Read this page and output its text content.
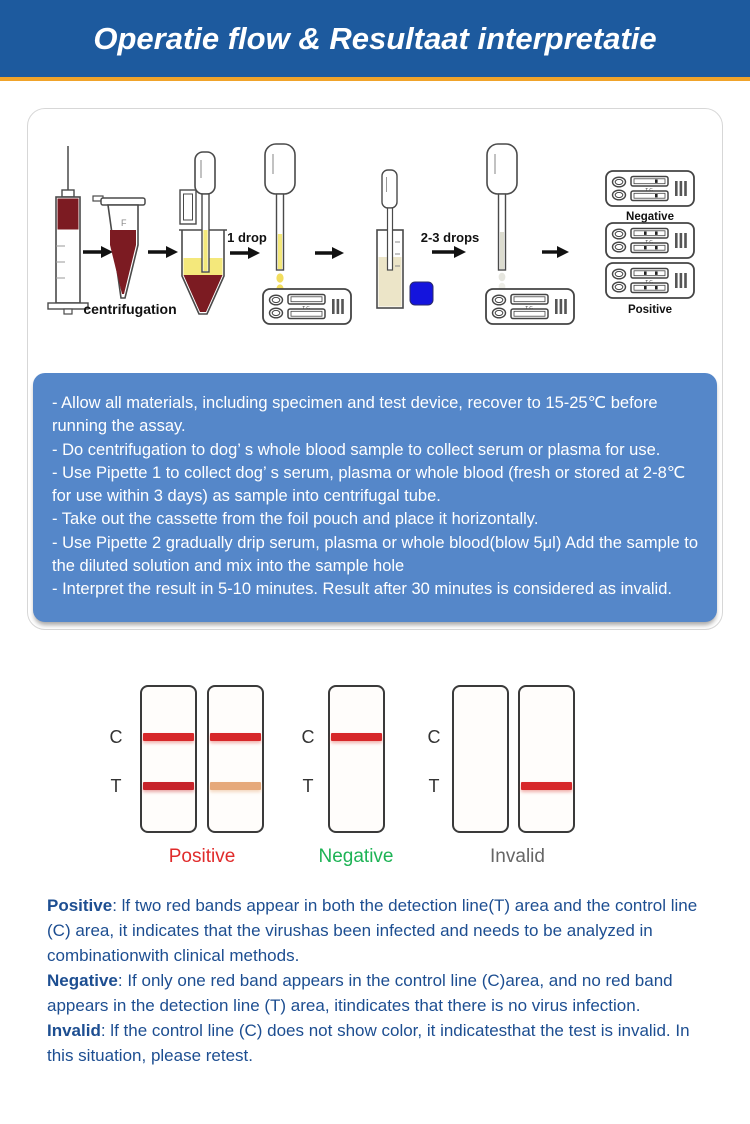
Operatie flow & Resultaat interpretatie
F
centrifugation
1 drop
T C
2-3 drops
T C
T C
Negative
T C
T C
Positive
- Allow all materials, including specimen and test device, recover to 15-25℃ before running the assay.
- Do centrifugation to dog’ s whole blood sample to collect serum or plasma for use.
- Use Pipette 1 to collect dog’ s serum, plasma or whole blood (fresh or stored at 2-8℃ for use within 3 days) as sample into centrifugal tube.
- Take out the cassette from the foil pouch and place it horizontally.
- Use Pipette 2 gradually drip serum, plasma or whole blood(blow 5μl) Add the sample to the diluted solution and mix into the sample hole
- Interpret the result in 5-10 minutes. Result after 30 minutes is considered as invalid.
C
T
Positive
C
T
Negative
C
T
Invalid

Positive: lf two red bands appear in both the detection line(T) area and the control line (C) area, it indicates that the virushas been infected and needs to be analyzed in combinationwith clinical methods.

Negative: If only one red band appears in the control line (C)area, and no red band appears in the detection line (T) area, itindicates that there is no virus infection.

Invalid: lf the control line (C) does not show color, it indicatesthat the test is invalid. In this situation, please retest.
